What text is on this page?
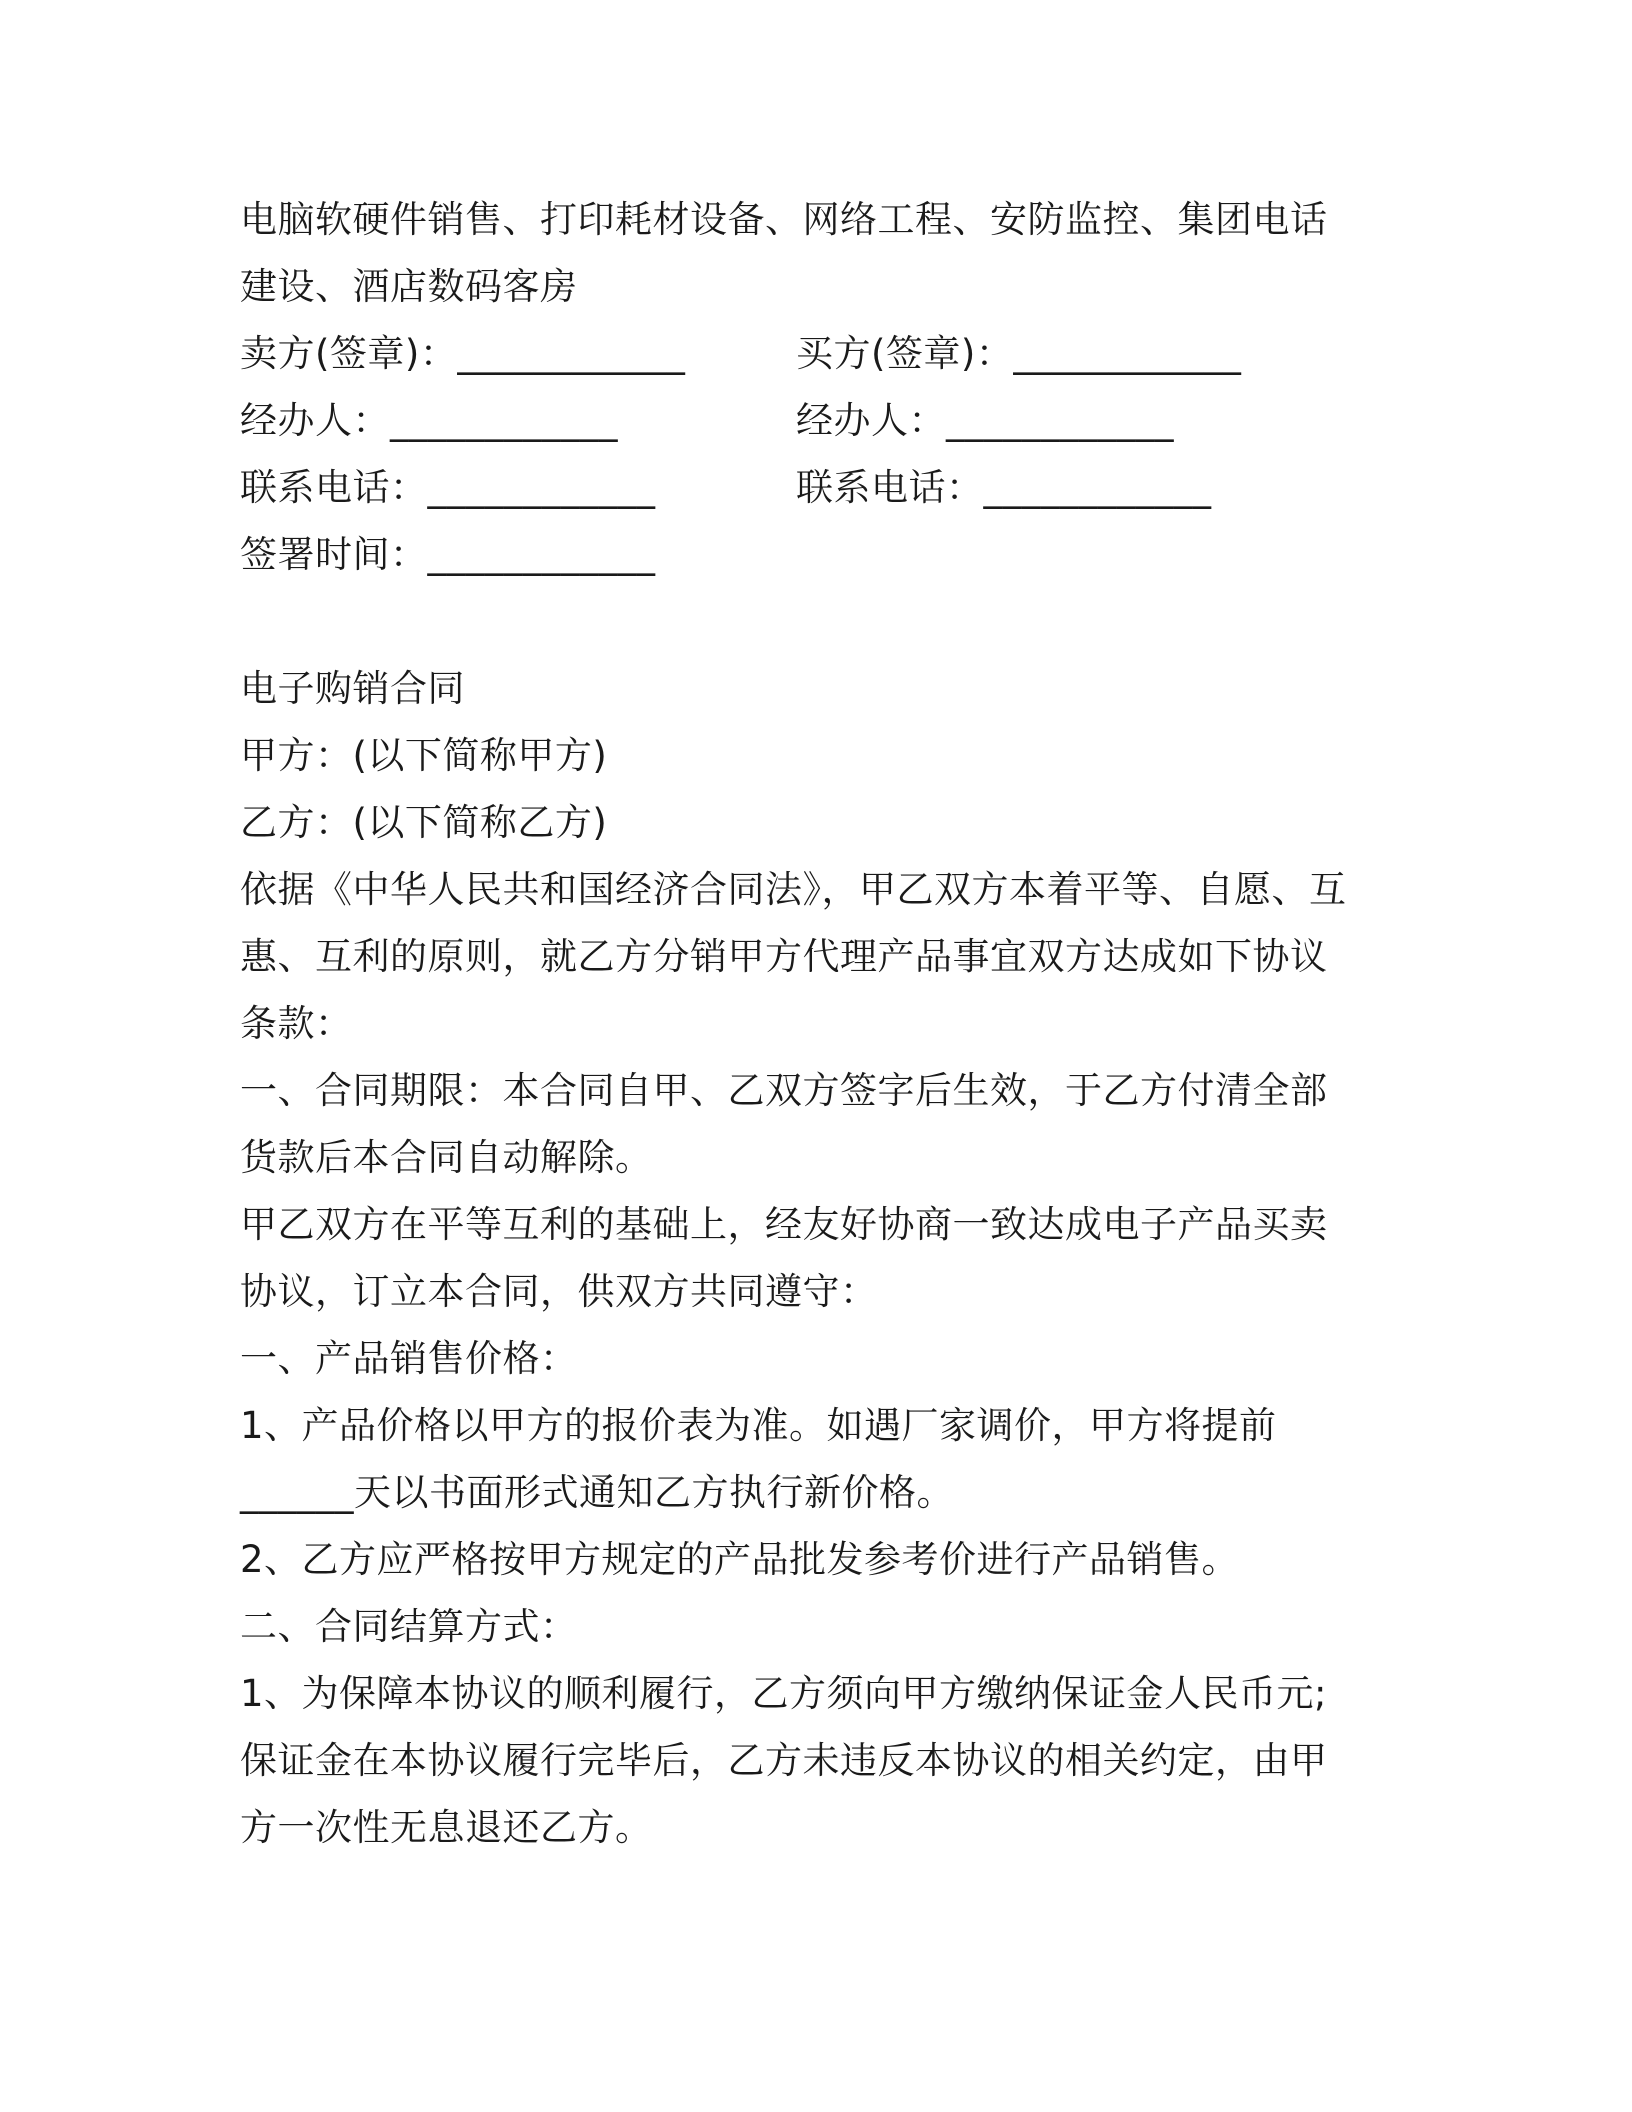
电脑软硬件销售、打印耗材设备、网络工程、安防监控、集团电话建设、酒店数码客房
卖方(签章)：____________	买方(签章)：____________
经办人：____________	经办人：____________
联系电话：____________	联系电话：____________
签署时间：____________
电子购销合同
甲方：(以下简称甲方)
乙方：(以下简称乙方)
依据《中华人民共和国经济合同法》，甲乙双方本着平等、自愿、互惠、互利的原则，就乙方分销甲方代理产品事宜双方达成如下协议条款：
一、合同期限：本合同自甲、乙双方签字后生效，于乙方付清全部货款后本合同自动解除。
甲乙双方在平等互利的基础上，经友好协商一致达成电子产品买卖协议，订立本合同，供双方共同遵守：
一、产品销售价格：
1、产品价格以甲方的报价表为准。如遇厂家调价，甲方将提前
______天以书面形式通知乙方执行新价格。
2、乙方应严格按甲方规定的产品批发参考价进行产品销售。
二、合同结算方式：
1、为保障本协议的顺利履行，乙方须向甲方缴纳保证金人民币元;保证金在本协议履行完毕后，乙方未违反本协议的相关约定，由甲方一次性无息退还乙方。
